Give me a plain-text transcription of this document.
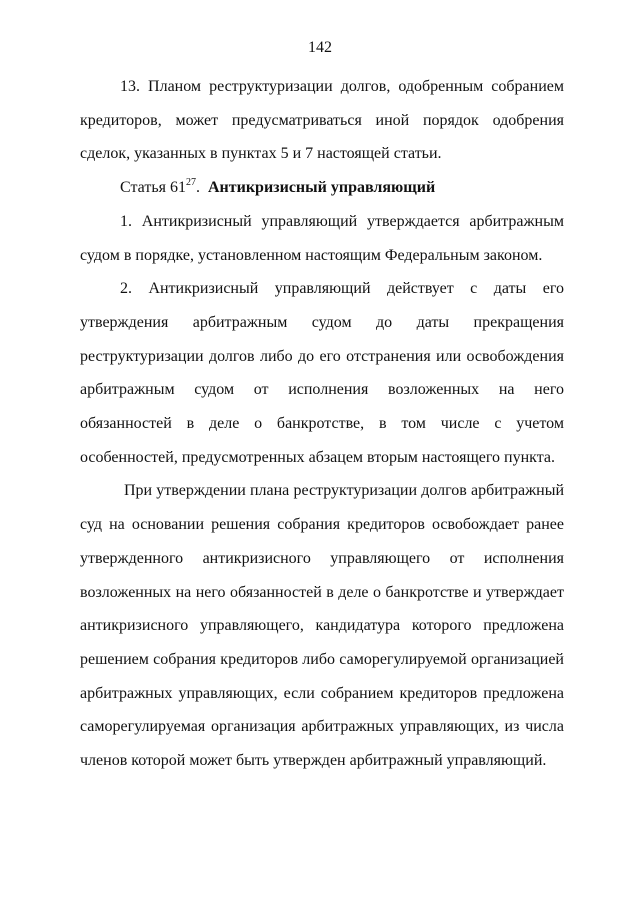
142

13. Планом реструктуризации долгов, одобренным собранием кредиторов, может предусматриваться иной порядок одобрения сделок, указанных в пунктах 5 и 7 настоящей статьи.

Статья $61^{27}$.  Антикризисный управляющий

1. Антикризисный управляющий утверждается арбитражным судом в порядке, установленном настоящим Федеральным законом.

2. Антикризисный управляющий действует с даты его утверждения арбитражным судом до даты прекращения реструктуризации долгов либо до его отстранения или освобождения арбитражным судом от исполнения возложенных на него обязанностей в деле о банкротстве, в том числе с учетом особенностей, предусмотренных абзацем вторым настоящего пункта.

При утверждении плана реструктуризации долгов арбитражный суд на основании решения собрания кредиторов освобождает ранее утвержденного антикризисного управляющего от исполнения возложенных на него обязанностей в деле о банкротстве и утверждает антикризисного управляющего, кандидатура которого предложена решением собрания кредиторов либо саморегулируемой организацией арбитражных управляющих, если собранием кредиторов предложена саморегулируемая организация арбитражных управляющих, из числа членов которой может быть утвержден арбитражный управляющий.
